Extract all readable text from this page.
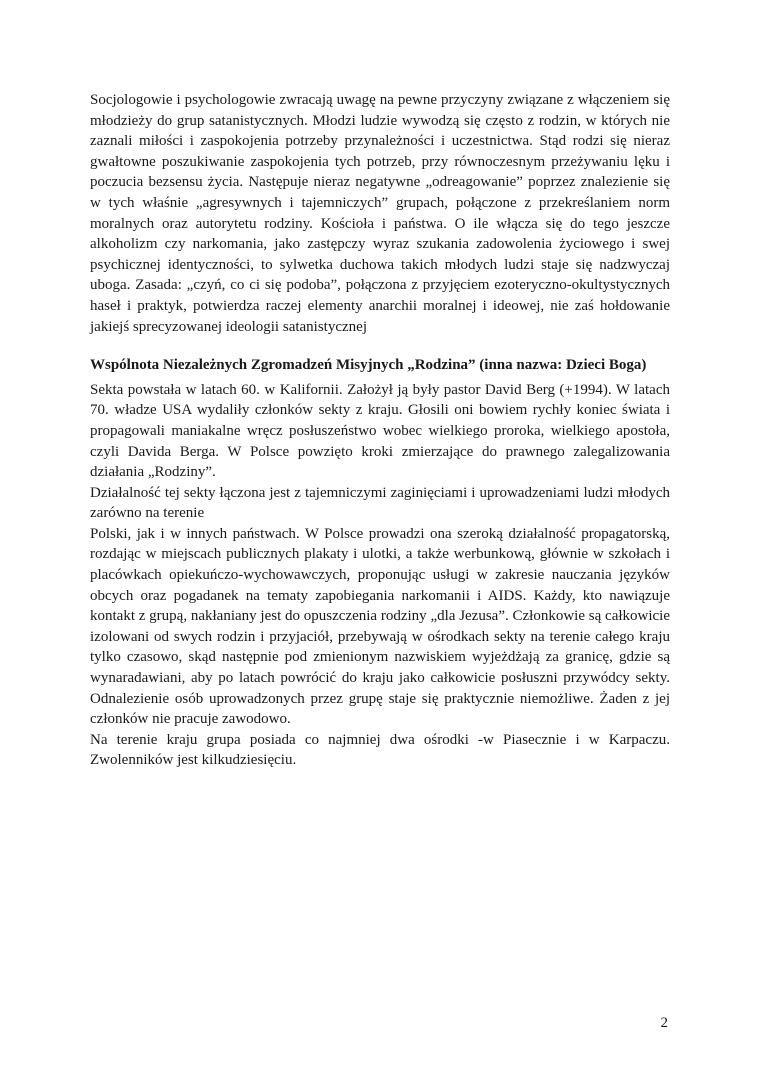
Socjologowie i psychologowie zwracają uwagę na pewne przyczyny związane z włączeniem się młodzieży do grup satanistycznych. Młodzi ludzie wywodzą się często z rodzin, w których nie zaznali miłości i zaspokojenia potrzeby przynależności i uczestnictwa. Stąd rodzi się nieraz gwałtowne poszukiwanie zaspokojenia tych potrzeb, przy równoczesnym przeżywaniu lęku i poczucia bezsensu życia. Następuje nieraz negatywne „odreagowanie” poprzez znalezienie się w tych właśnie „agresywnych i tajemniczych” grupach, połączone z przekreślaniem norm moralnych oraz autorytetu rodziny. Kościoła i państwa. O ile włącza się do tego jeszcze alkoholizm czy narkomania, jako zastępczy wyraz szukania zadowolenia życiowego i swej psychicznej identyczności, to sylwetka duchowa takich młodych ludzi staje się nadzwyczaj uboga. Zasada: „czyń, co ci się podoba”, połączona z przyjęciem ezoteryczno-okultystycznych haseł i praktyk, potwierdza raczej elementy anarchii moralnej i ideowej, nie zaś hołdowanie jakiejś sprecyzowanej ideologii satanistycznej

Wspólnota Niezależnych Zgromadzeń Misyjnych „Rodzina” (inna nazwa: Dzieci Boga)

Sekta powstała w latach 60. w Kalifornii. Założył ją były pastor David Berg (+1994). W latach 70. władze USA wydaliły członków sekty z kraju. Głosili oni bowiem rychły koniec świata i propagowali maniakalne wręcz posłuszeństwo wobec wielkiego proroka, wielkiego apostoła, czyli Davida Berga. W Polsce powzięto kroki zmierzające do prawnego zalegalizowania działania „Rodziny”.

Działalność tej sekty łączona jest z tajemniczymi zaginięciami i uprowadzeniami ludzi młodych zarówno na terenie

Polski, jak i w innych państwach. W Polsce prowadzi ona szeroką działalność propagatorską, rozdając w miejscach publicznych plakaty i ulotki, a także werbunkową, głównie w szkołach i placówkach opiekuńczo-wychowawczych, proponując usługi w zakresie nauczania języków obcych oraz pogadanek na tematy zapobiegania narkomanii i AIDS. Każdy, kto nawiązuje kontakt z grupą, nakłaniany jest do opuszczenia rodziny „dla Jezusa”. Członkowie są całkowicie izolowani od swych rodzin i przyjaciół, przebywają w ośrodkach sekty na terenie całego kraju tylko czasowo, skąd następnie pod zmienionym nazwiskiem wyjeżdżają za granicę, gdzie są wynaradawiani, aby po latach powrócić do kraju jako całkowicie posłuszni przywódcy sekty. Odnalezienie osób uprowadzonych przez grupę staje się praktycznie niemożliwe. Żaden z jej członków nie pracuje zawodowo.

Na terenie kraju grupa posiada co najmniej dwa ośrodki -w Piasecznie i w Karpaczu. Zwolenników jest kilkudziesięciu.

2
